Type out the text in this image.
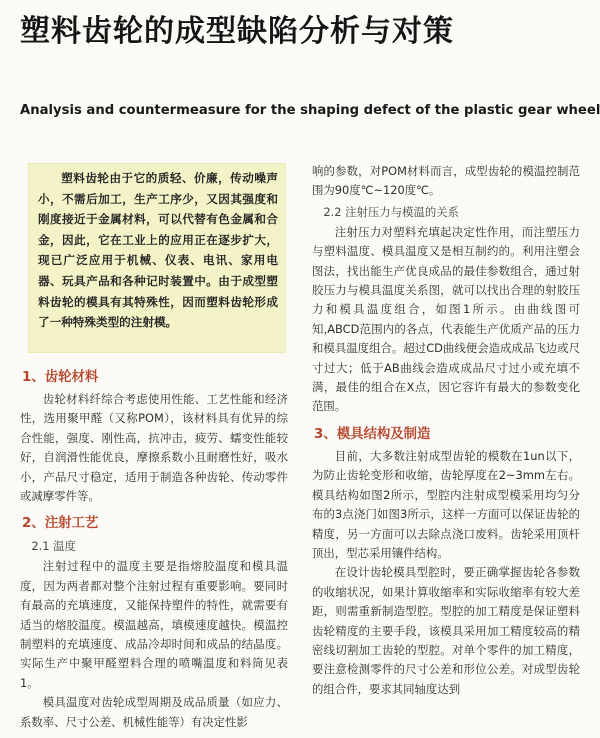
塑料齿轮的成型缺陷分析与对策
Analysis and countermeasure for the shaping defect of the plastic gear wheel
塑料齿轮由于它的质轻、价廉，传动噪声小，不需后加工，生产工序少，又因其强度和刚度接近于金属材料，可以代替有色金属和合金，因此，它在工业上的应用正在逐步扩大，现已广泛应用于机械、仪表、电讯、家用电器、玩具产品和各种记时装置中。由于成型塑料齿轮的模具有其特殊性，因而塑料齿轮形成了一种特殊类型的注射模。
1、齿轮材料

齿轮材料纤综合考虑使用性能、工艺性能和经济性，选用聚甲醛（又称POM），该材料具有优异的综合性能，强度、刚性高，抗冲击，疲劳、蠕变性能较好，自润滑性能优良，摩擦系数小且耐磨性好，吸水小，产品尺寸稳定，适用于制造各种齿轮、传动零件或减摩零件等。

2、注射工艺
2.1 温度

注射过程中的温度主要是指熔胶温度和模具温度，因为两者都对整个注射过程有重要影响。要同时有最高的充填速度，又能保持塑件的特性，就需要有适当的熔胶温度。模温越高，填模速度越快。模温控制塑料的充填速度、成品冷却时间和成品的结晶度。实际生产中聚甲醛塑料合理的喷嘴温度和料筒见表1。

模具温度对齿轮成型周期及成品质量（如应力、系数率、尺寸公差、机械性能等）有决定性影

响的参数，对POM材料而言，成型齿轮的模温控制范围为90度℃~120度℃。

2.2 注射压力与模温的关系

注射压力对塑料充填起决定性作用，而注塑压力与塑料温度、模具温度又是相互制约的。利用注塑会图法，找出能生产优良成品的最佳参数组合，通过射胶压力与模具温度关系图，就可以找出合理的射胶压力和模具温度组合，如图1所示。由曲线图可知,ABCD范围内的各点，代表能生产优质产品的压力和模具温度组合。超过CD曲线便会造成成品飞边或尺寸过大；低于AB曲线会造成成品尺寸过小或充填不满，最佳的组合在X点，因它容许有最大的参数变化范围。

3、模具结构及制造

目前，大多数注射成型齿轮的模数在1un以下，为防止齿轮变形和收缩，齿轮厚度在2~3mm左右。模具结构如图2所示，型腔内注射成型模采用均匀分布的3点浇门如图3所示，这样一方面可以保证齿轮的精度，另一方面可以去除点浇口废料。齿轮采用顶杆顶出，型芯采用镶件结构。

在设计齿轮模具型腔时，要正确掌握齿轮各参数的收缩状况，如果计算收缩率和实际收缩率有较大差距，则需重新制造型腔。型腔的加工精度是保证塑料齿轮精度的主要手段，该模具采用加工精度较高的精密线切割加工齿轮的型腔。对单个零件的加工精度，要注意检测零件的尺寸公差和形位公差。对成型齿轮的组合件，要求其同轴度达到
